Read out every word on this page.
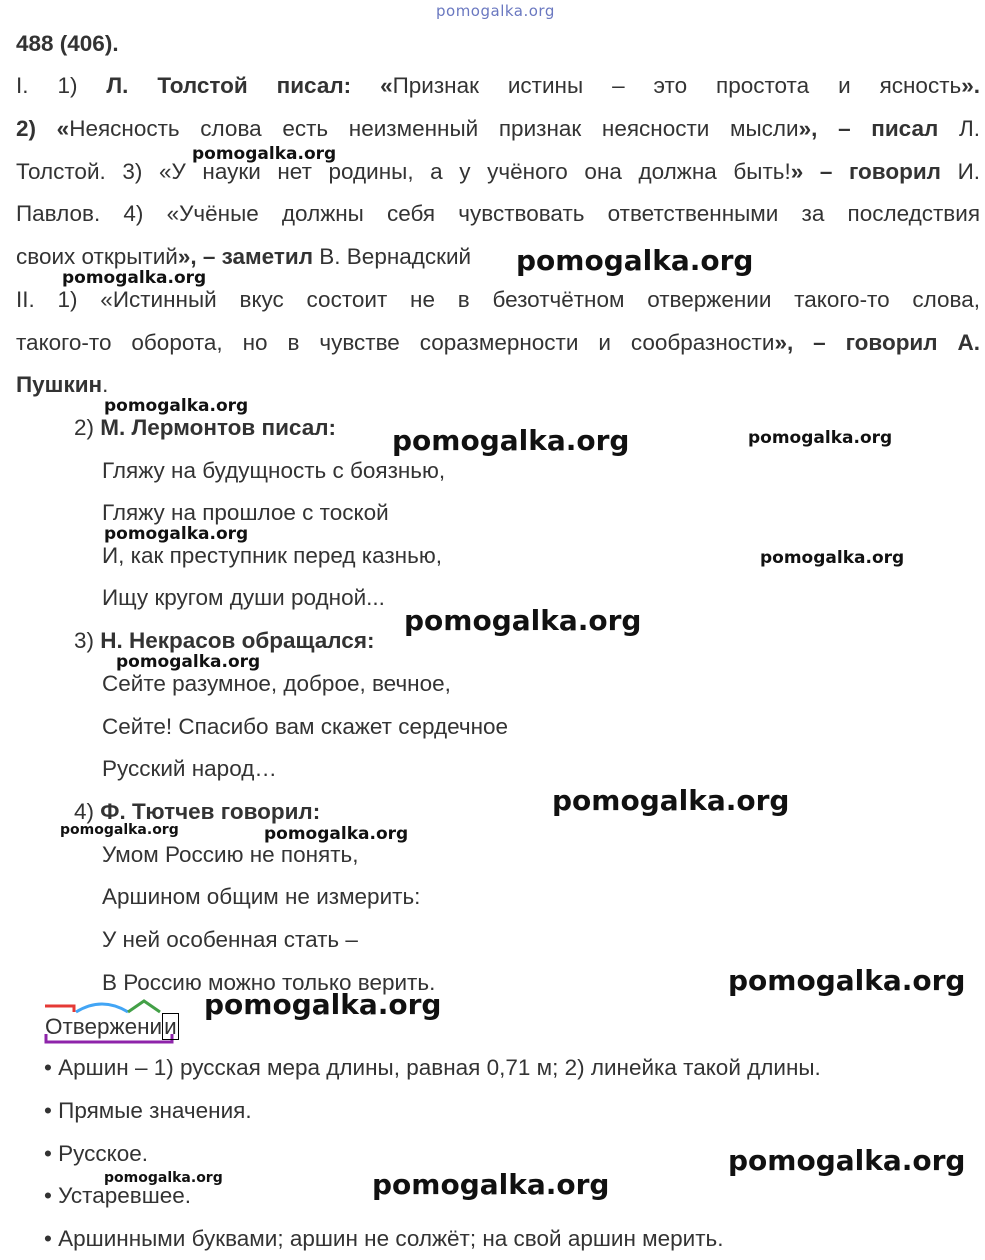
pomogalka.org
488 (406).
I. 1) Л. Толстой писал: «Признак истины – это простота и ясность».
2) «Неясность слова есть неизменный признак неясности мысли», – писал Л.
Толстой. 3) «У науки нет родины, а у учёного она должна быть!» – говорил И.
Павлов. 4) «Учёные должны себя чувствовать ответственными за последствия
своих открытий», – заметил В. Вернадский
II. 1) «Истинный вкус состоит не в безотчётном отвержении такого-то слова,
такого-то оборота, но в чувстве соразмерности и сообразности», – говорил А.
Пушкин.
2) М. Лермонтов писал:
Гляжу на будущность с боязнью,
Гляжу на прошлое с тоской
И, как преступник перед казнью,
Ищу кругом души родной...
3) Н. Некрасов обращался:
Сейте разумное, доброе, вечное,
Сейте! Спасибо вам скажет сердечное
Русский народ…
4) Ф. Тютчев говорил:
Умом Россию не понять,
Аршином общим не измерить:
У ней особенная стать –
В Россию можно только верить.
Отвержении
• Аршин – 1) русская мера длины, равная 0,71 м; 2) линейка такой длины.
• Прямые значения.
• Русское.
• Устаревшее.
• Аршинными буквами; аршин не солжёт; на свой аршин мерить.
pomogalka.org
pomogalka.org
pomogalka.org
pomogalka.org
pomogalka.org	pomogalka.org
pomogalka.org
pomogalka.org
pomogalka.org
pomogalka.org
pomogalka.org
pomogalka.org	pomogalka.org
pomogalka.org
pomogalka.org
pomogalka.org
pomogalka.org	pomogalka.org
